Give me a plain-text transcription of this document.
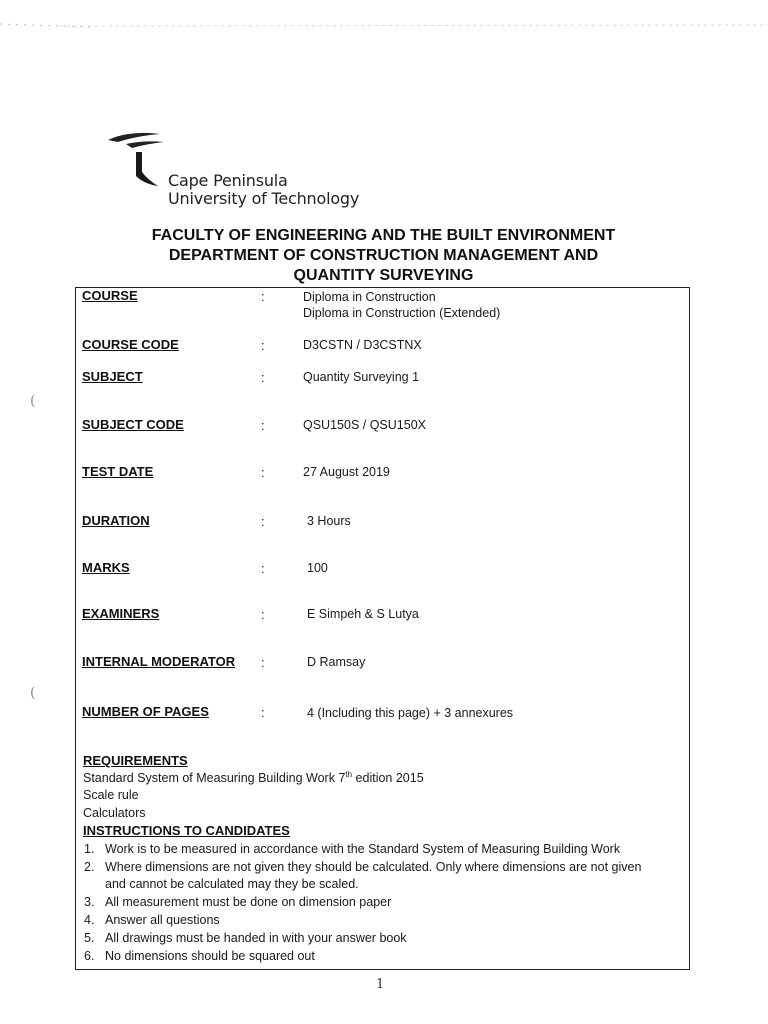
(
(
Cape Peninsula
University of Technology
FACULTY OF ENGINEERING AND THE BUILT ENVIRONMENT
DEPARTMENT OF CONSTRUCTION MANAGEMENT AND
QUANTITY SURVEYING
COURSE	:	Diploma in Construction
Diploma in Construction (Extended)
COURSE CODE	:	D3CSTN / D3CSTNX
SUBJECT	:	Quantity Surveying 1
SUBJECT CODE	:	QSU150S / QSU150X
TEST DATE	:	27 August 2019
DURATION	:	3 Hours
MARKS	:	100
EXAMINERS	:	E Simpeh & S Lutya
INTERNAL MODERATOR :	D Ramsay
NUMBER OF PAGES	:	4 (Including this page) + 3 annexures
REQUIREMENTS
Standard System of Measuring Building Work 7th edition 2015
Scale rule
Calculators
INSTRUCTIONS TO CANDIDATES
1. Work is to be measured in accordance with the Standard System of Measuring Building Work
2. Where dimensions are not given they should be calculated. Only where dimensions are not given
and cannot be calculated may they be scaled.
3. All measurement must be done on dimension paper
4. Answer all questions
5. All drawings must be handed in with your answer book
6. No dimensions should be squared out
1
